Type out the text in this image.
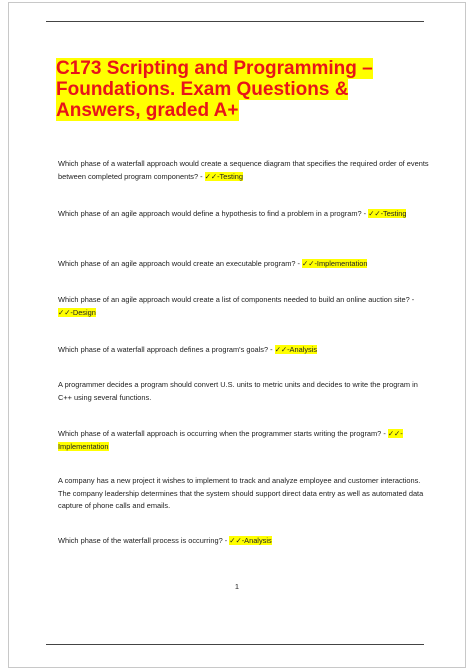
C173 Scripting and Programming – Foundations. Exam Questions & Answers, graded A+
Which phase of a waterfall approach would create a sequence diagram that specifies the required order of events between completed program components? - ✓✓-Testing
Which phase of an agile approach would define a hypothesis to find a problem in a program? - ✓✓-Testing
Which phase of an agile approach would create an executable program? - ✓✓-Implementation
Which phase of an agile approach would create a list of components needed to build an online auction site? - ✓✓-Design
Which phase of a waterfall approach defines a program's goals? - ✓✓-Analysis
A programmer decides a program should convert U.S. units to metric units and decides to write the program in C++ using several functions.
Which phase of a waterfall approach is occurring when the programmer starts writing the program? - ✓✓-Implementation
A company has a new project it wishes to implement to track and analyze employee and customer interactions. The company leadership determines that the system should support direct data entry as well as automated data capture of phone calls and emails.
Which phase of the waterfall process is occurring? - ✓✓-Analysis
1
